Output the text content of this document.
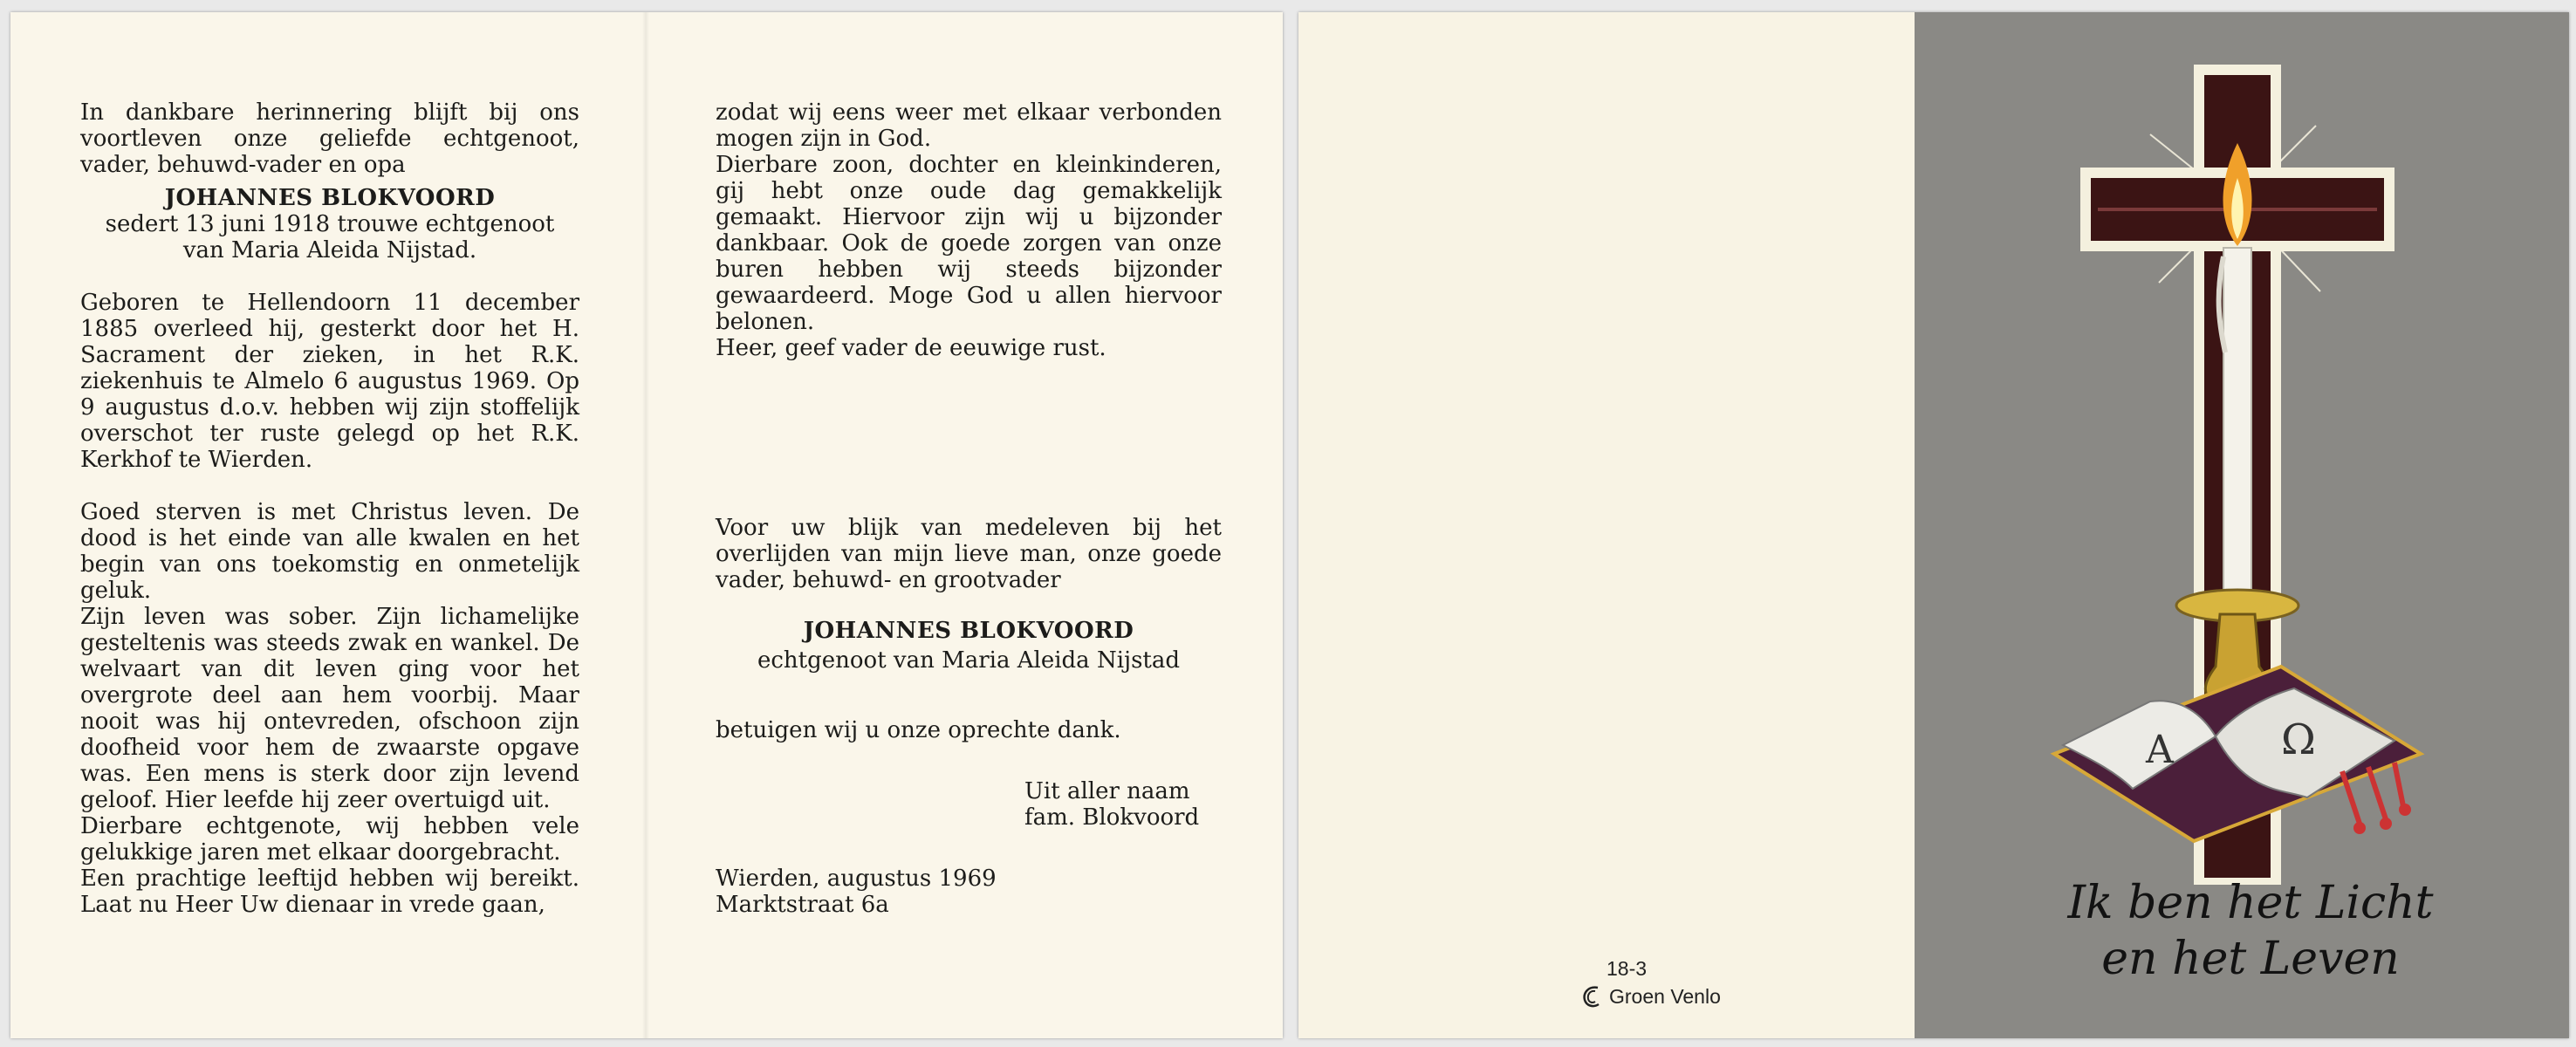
In dankbare herinnering blijft bij ons voortleven onze geliefde echtgenoot, vader, behuwd-vader en opa

JOHANNES BLOKVOORD

sedert 13 juni 1918 trouwe echtgenoot

van Maria Aleida Nijstad.

Geboren te Hellendoorn 11 december 1885 overleed hij, gesterkt door het H. Sacrament der zieken, in het R.K. ziekenhuis te Almelo 6 augustus 1969. Op 9 augustus d.o.v. hebben wij zijn stoffelijk overschot ter ruste gelegd op het R.K. Kerkhof te Wierden.

Goed sterven is met Christus leven. De dood is het einde van alle kwalen en het begin van ons toekomstig en onmetelijk geluk.

Zijn leven was sober. Zijn lichamelijke gesteltenis was steeds zwak en wankel. De welvaart van dit leven ging voor het overgrote deel aan hem voorbij. Maar nooit was hij ontevreden, ofschoon zijn doofheid voor hem de zwaarste opgave was. Een mens is sterk door zijn levend geloof. Hier leefde hij zeer overtuigd uit.

Dierbare echtgenote, wij hebben vele gelukkige jaren met elkaar doorgebracht.

Een prachtige leeftijd hebben wij bereikt. Laat nu Heer Uw dienaar in vrede gaan,

zodat wij eens weer met elkaar verbonden mogen zijn in God.

Dierbare zoon, dochter en kleinkinderen, gij hebt onze oude dag gemakkelijk gemaakt. Hiervoor zijn wij u bijzonder dankbaar. Ook de goede zorgen van onze buren hebben wij steeds bijzonder gewaardeerd. Moge God u allen hiervoor belonen.

Heer, geef vader de eeuwige rust.

Voor uw blijk van medeleven bij het overlijden van mijn lieve man, onze goede vader, behuwd- en grootvader

JOHANNES BLOKVOORD

echtgenoot van Maria Aleida Nijstad

betuigen wij u onze oprechte dank.

Uit aller naam

fam. Blokvoord

Wierden, augustus 1969

Marktstraat 6a

18-3
Groen Venlo
A	Ω
Ik ben het Licht
en het Leven
